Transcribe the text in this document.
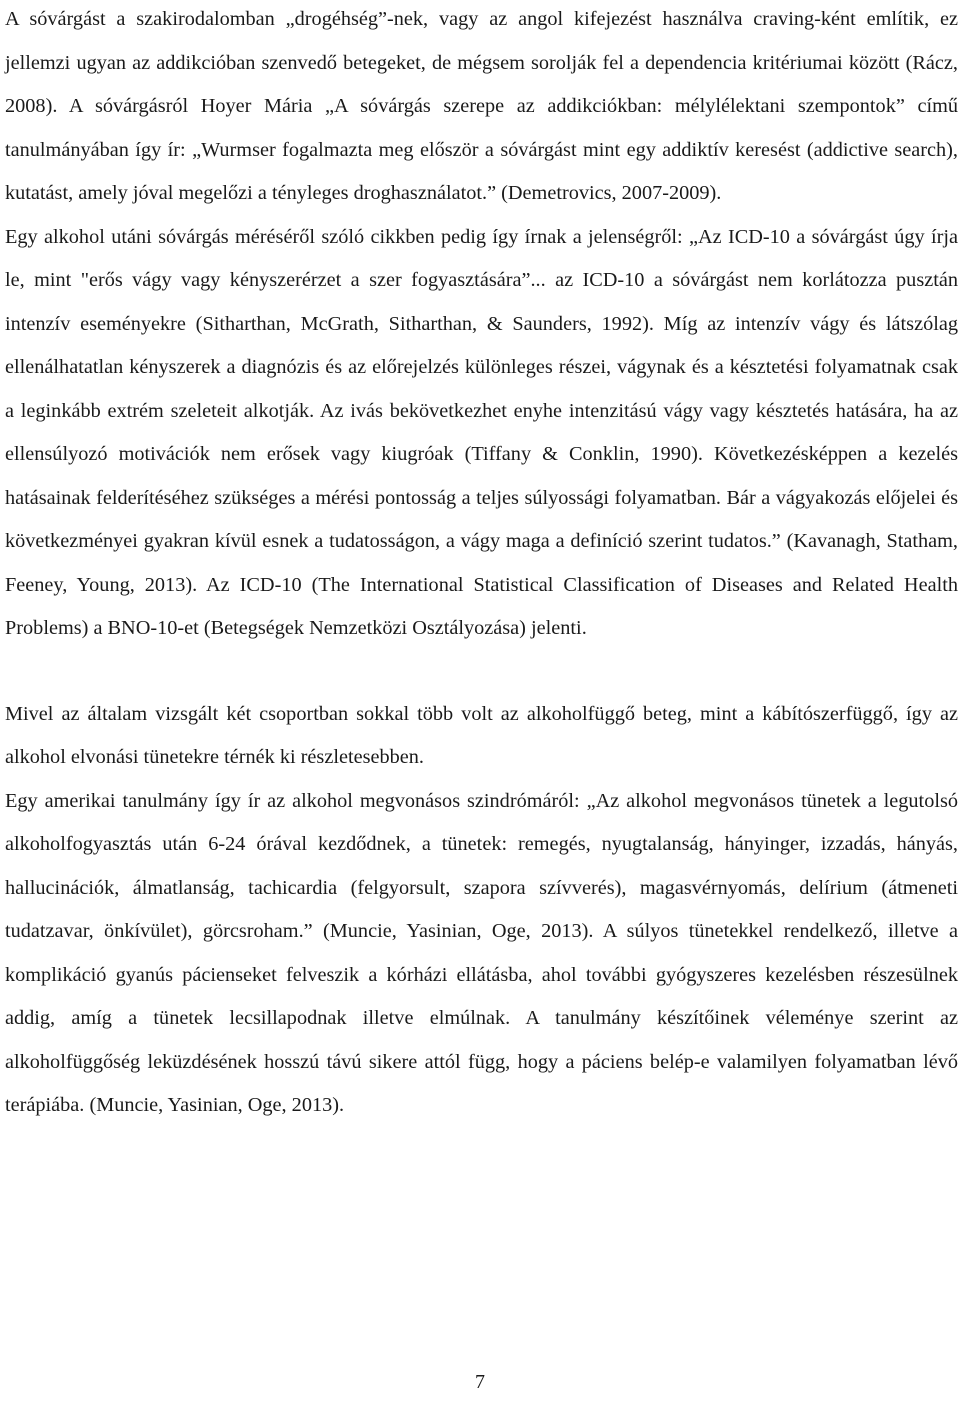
A sóvárgást a szakirodalomban „drogéhség”-nek, vagy az angol kifejezést használva craving-ként említik, ez jellemzi ugyan az addikcióban szenvedő betegeket, de mégsem sorolják fel a dependencia kritériumai között (Rácz, 2008). A sóvárgásról Hoyer Mária „A sóvárgás szerepe az addikciókban: mélylélektani szempontok” című tanulmányában így ír: „Wurmser fogalmazta meg először a sóvárgást mint egy addiktív keresést (addictive search), kutatást, amely jóval megelőzi a tényleges droghasználatot.” (Demetrovics, 2007-2009).

Egy alkohol utáni sóvárgás méréséről szóló cikkben pedig így írnak a jelenségről: „Az ICD-10 a sóvárgást úgy írja le, mint "erős vágy vagy kényszerérzet a szer fogyasztására”... az ICD-10 a sóvárgást nem korlátozza pusztán intenzív eseményekre (Sitharthan, McGrath, Sitharthan, & Saunders, 1992). Míg az intenzív vágy és látszólag ellenálhatatlan kényszerek a diagnózis és az előrejelzés különleges részei, vágynak és a késztetési folyamatnak csak a leginkább extrém szeleteit alkotják. Az ivás bekövetkezhet enyhe intenzitású vágy vagy késztetés hatására, ha az ellensúlyozó motivációk nem erősek vagy kiugróak (Tiffany & Conklin, 1990). Következésképpen a kezelés hatásainak felderítéséhez szükséges a mérési pontosság a teljes súlyossági folyamatban. Bár a vágyakozás előjelei és következményei gyakran kívül esnek a tudatosságon, a vágy maga a definíció szerint tudatos.” (Kavanagh, Statham, Feeney, Young, 2013). Az ICD-10 (The International Statistical Classification of Diseases and Related Health Problems) a BNO-10-et (Betegségek Nemzetközi Osztályozása) jelenti.

Mivel az általam vizsgált két csoportban sokkal több volt az alkoholfüggő beteg, mint a kábítószerfüggő, így az alkohol elvonási tünetekre térnék ki részletesebben.

Egy amerikai tanulmány így ír az alkohol megvonásos szindrómáról: „Az alkohol megvonásos tünetek a legutolsó alkoholfogyasztás után 6-24 órával kezdődnek, a tünetek: remegés, nyugtalanság, hányinger, izzadás, hányás, hallucinációk, álmatlanság, tachicardia (felgyorsult, szapora szívverés), magasvérnyomás, delírium (átmeneti tudatzavar, önkívület), görcsroham.” (Muncie, Yasinian, Oge, 2013). A súlyos tünetekkel rendelkező, illetve a komplikáció gyanús pácienseket felveszik a kórházi ellátásba, ahol további gyógyszeres kezelésben részesülnek addig, amíg a tünetek lecsillapodnak illetve elmúlnak. A tanulmány készítőinek véleménye szerint az alkoholfüggőség leküzdésének hosszú távú sikere attól függ, hogy a páciens belép-e valamilyen folyamatban lévő terápiába. (Muncie, Yasinian, Oge, 2013).

7
